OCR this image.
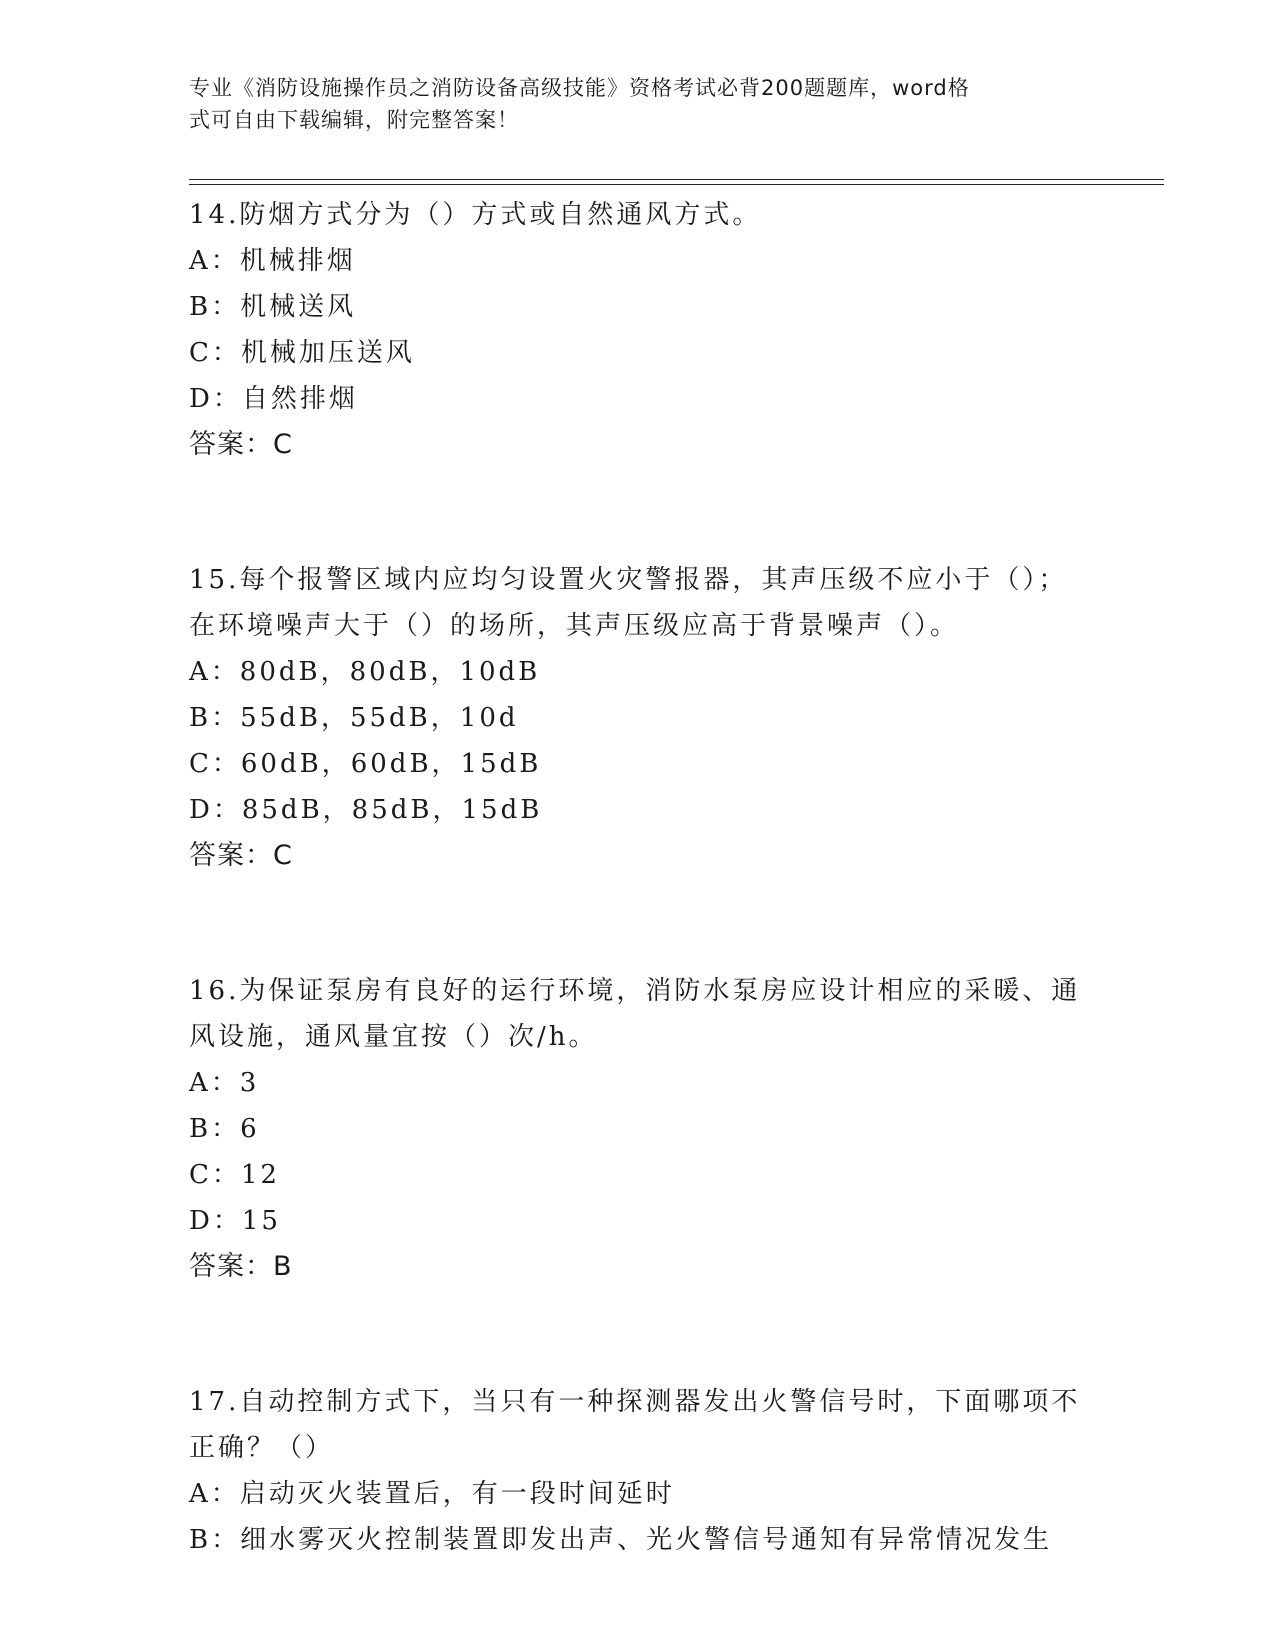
专业《消防设施操作员之消防设备高级技能》资格考试必背200题题库，word格
式可自由下载编辑，附完整答案！
14.防烟方式分为（）方式或自然通风方式。
A：机械排烟
B：机械送风
C：机械加压送风
D：自然排烟
答案：C
15.每个报警区域内应均匀设置火灾警报器，其声压级不应小于（）；
在环境噪声大于（）的场所，其声压级应高于背景噪声（）。
A：80dB，80dB，10dB
B：55dB，55dB，10d
C：60dB，60dB，15dB
D：85dB，85dB，15dB
答案：C
16.为保证泵房有良好的运行环境，消防水泵房应设计相应的采暖、通
风设施，通风量宜按（）次/h。
A：3
B：6
C：12
D：15
答案：B
17.自动控制方式下，当只有一种探测器发出火警信号时，下面哪项不
正确？（）
A：启动灭火装置后，有一段时间延时
B：细水雾灭火控制装置即发出声、光火警信号通知有异常情况发生
